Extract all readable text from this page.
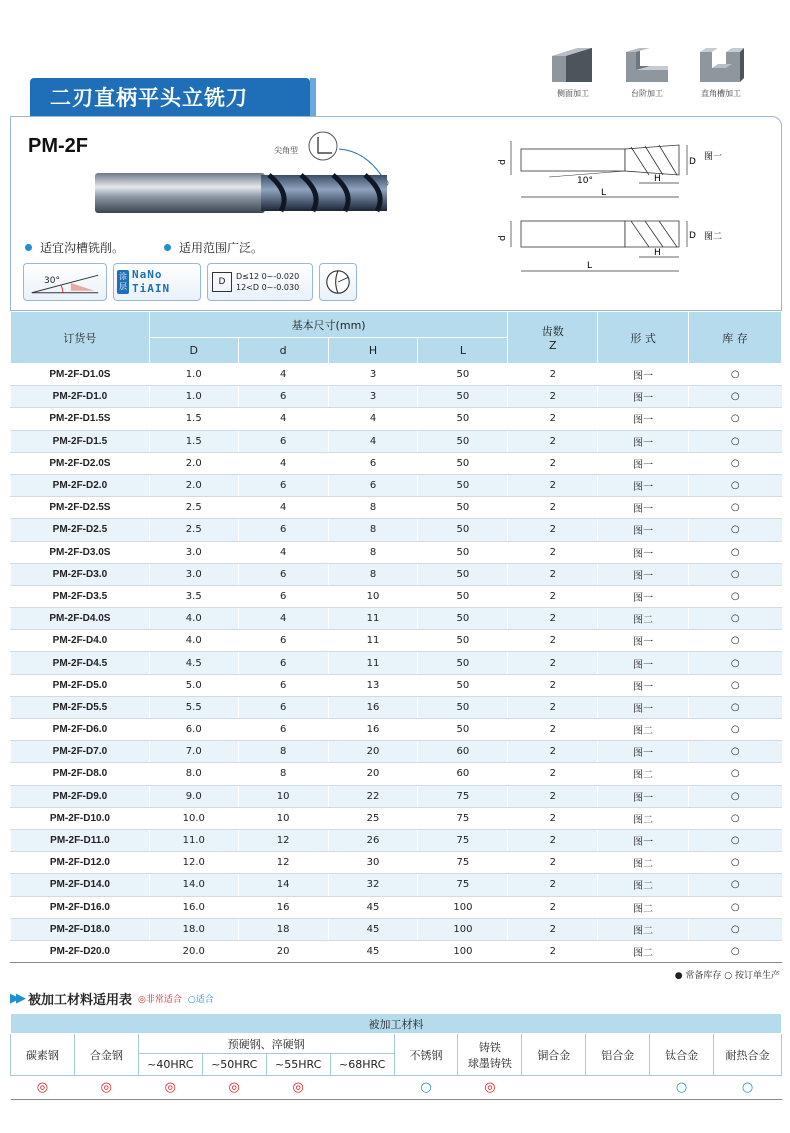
二刃直柄平头立铣刀	侧面加工	台阶加工	直角槽加工
PM-2F	尖角型
适宜沟槽铣削。	适用范围广泛。
30°	涂层
NaNo
TiAIN	D
D≤12 0~-0.020
12<D 0~-0.030
d	D
H
L
10°
图一
d	D
H
L
图二
订货号	基本尺寸(mm)				齿数
Z	形 式	库 存
	D	d	H	L			
PM-2F-D1.0S	1.0	4	3	50	2	图一	○
PM-2F-D1.0	1.0	6	3	50	2	图一	○
PM-2F-D1.5S	1.5	4	4	50	2	图一	○
PM-2F-D1.5	1.5	6	4	50	2	图一	○
PM-2F-D2.0S	2.0	4	6	50	2	图一	○
PM-2F-D2.0	2.0	6	6	50	2	图一	○
PM-2F-D2.5S	2.5	4	8	50	2	图一	○
PM-2F-D2.5	2.5	6	8	50	2	图一	○
PM-2F-D3.0S	3.0	4	8	50	2	图一	○
PM-2F-D3.0	3.0	6	8	50	2	图一	○
PM-2F-D3.5	3.5	6	10	50	2	图一	○
PM-2F-D4.0S	4.0	4	11	50	2	图二	○
PM-2F-D4.0	4.0	6	11	50	2	图一	○
PM-2F-D4.5	4.5	6	11	50	2	图一	○
PM-2F-D5.0	5.0	6	13	50	2	图一	○
PM-2F-D5.5	5.5	6	16	50	2	图一	○
PM-2F-D6.0	6.0	6	16	50	2	图二	○
PM-2F-D7.0	7.0	8	20	60	2	图一	○
PM-2F-D8.0	8.0	8	20	60	2	图二	○
PM-2F-D9.0	9.0	10	22	75	2	图一	○
PM-2F-D10.0	10.0	10	25	75	2	图二	○
PM-2F-D11.0	11.0	12	26	75	2	图一	○
PM-2F-D12.0	12.0	12	30	75	2	图二	○
PM-2F-D14.0	14.0	14	32	75	2	图二	○
PM-2F-D16.0	16.0	16	45	100	2	图二	○
PM-2F-D18.0	18.0	18	45	100	2	图二	○
PM-2F-D20.0	20.0	20	45	100	2	图二	○
● 常备库存 ○ 按订单生产
▶▶ 被加工材料适用表 ◎非常适合 ○适合
被加工材料											
碳素钢	合金钢	预硬钢、淬硬钢				不锈钢	铸铁
球墨铸铁	铜合金	铝合金	钛合金	耐热合金
		~40HRC	~50HRC	~55HRC	~68HRC						
◎	◎	◎	◎	◎		○	◎			○	○
